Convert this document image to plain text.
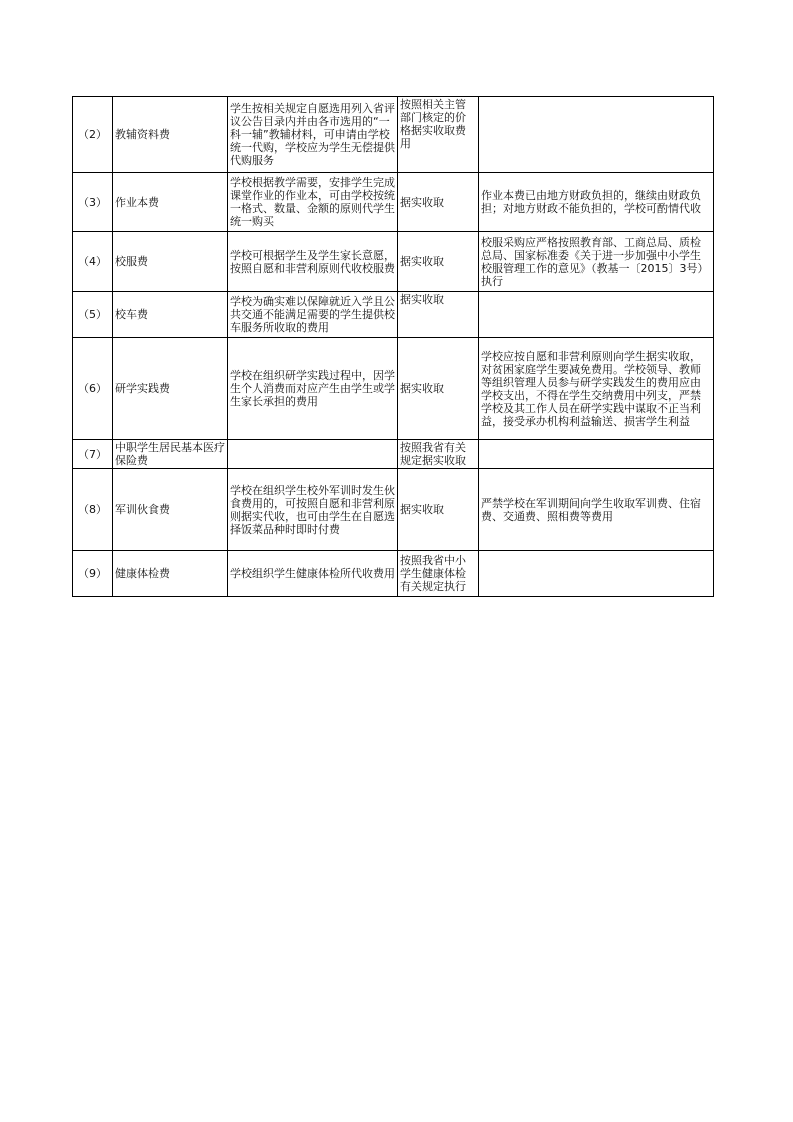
（2）	教辅资料费	学生按相关规定自愿选用列入省评议公告目录内并由各市选用的“一科一辅”教辅材料，可申请由学校统一代购，学校应为学生无偿提供代购服务	按照相关主管部门核定的价格据实收取费用	
（3）	作业本费	学校根据教学需要，安排学生完成课堂作业的作业本，可由学校按统一格式、数量、金额的原则代学生统一购买	据实收取	作业本费已由地方财政负担的，继续由财政负担；对地方财政不能负担的，学校可酌情代收
（4）	校服费	学校可根据学生及学生家长意愿，按照自愿和非营利原则代收校服费	据实收取	校服采购应严格按照教育部、工商总局、质检总局、国家标准委《关于进一步加强中小学生校服管理工作的意见》（教基一〔2015〕3号）执行
（5）	校车费	学校为确实难以保障就近入学且公共交通不能满足需要的学生提供校车服务所收取的费用	据实收取	
（6）	研学实践费	学校在组织研学实践过程中，因学生个人消费而对应产生由学生或学生家长承担的费用	据实收取	学校应按自愿和非营利原则向学生据实收取，对贫困家庭学生要减免费用。学校领导、教师等组织管理人员参与研学实践发生的费用应由学校支出，不得在学生交纳费用中列支，严禁学校及其工作人员在研学实践中谋取不正当利益，接受承办机构利益输送、损害学生利益
（7）	中职学生居民基本医疗保险费		按照我省有关规定据实收取	
（8）	军训伙食费	学校在组织学生校外军训时发生伙食费用的，可按照自愿和非营利原则据实代收，也可由学生在自愿选择饭菜品种时即时付费	据实收取	严禁学校在军训期间向学生收取军训费、住宿费、交通费、照相费等费用
（9）	健康体检费	学校组织学生健康体检所代收费用	按照我省中小学生健康体检有关规定执行	
